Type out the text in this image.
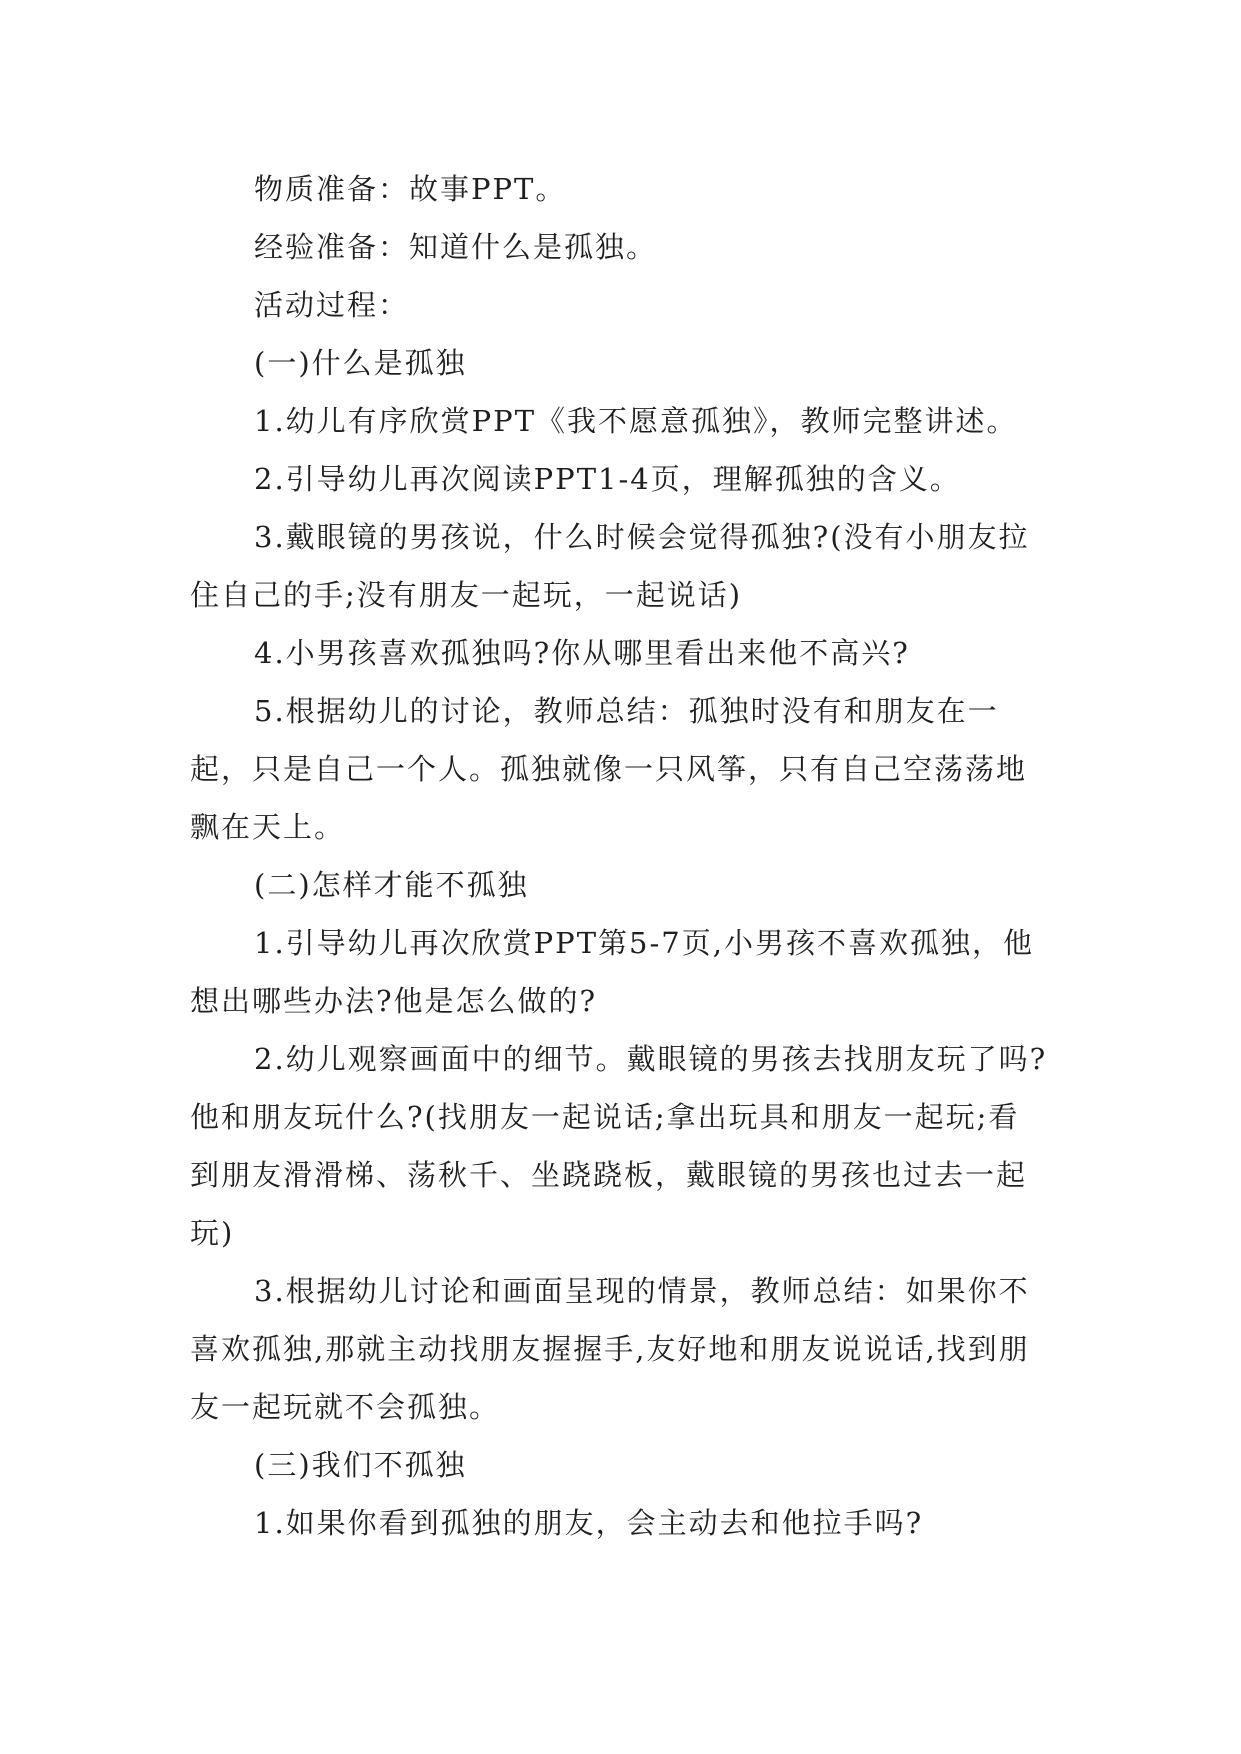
物质准备：故事PPT。

经验准备：知道什么是孤独。

活动过程：

(一)什么是孤独

1.幼儿有序欣赏PPT《我不愿意孤独》，教师完整讲述。

2.引导幼儿再次阅读PPT1-4页，理解孤独的含义。

3.戴眼镜的男孩说，什么时候会觉得孤独?(没有小朋友拉住自己的手;没有朋友一起玩，一起说话)

4.小男孩喜欢孤独吗?你从哪里看出来他不高兴?

5.根据幼儿的讨论，教师总结：孤独时没有和朋友在一起，只是自己一个人。孤独就像一只风筝，只有自己空荡荡地飘在天上。

(二)怎样才能不孤独

1.引导幼儿再次欣赏PPT第5-7页,小男孩不喜欢孤独，他想出哪些办法?他是怎么做的?

2.幼儿观察画面中的细节。戴眼镜的男孩去找朋友玩了吗?他和朋友玩什么?(找朋友一起说话;拿出玩具和朋友一起玩;看到朋友滑滑梯、荡秋千、坐跷跷板，戴眼镜的男孩也过去一起玩)

3.根据幼儿讨论和画面呈现的情景，教师总结：如果你不喜欢孤独,那就主动找朋友握握手,友好地和朋友说说话,找到朋友一起玩就不会孤独。

(三)我们不孤独

1.如果你看到孤独的朋友，会主动去和他拉手吗?
